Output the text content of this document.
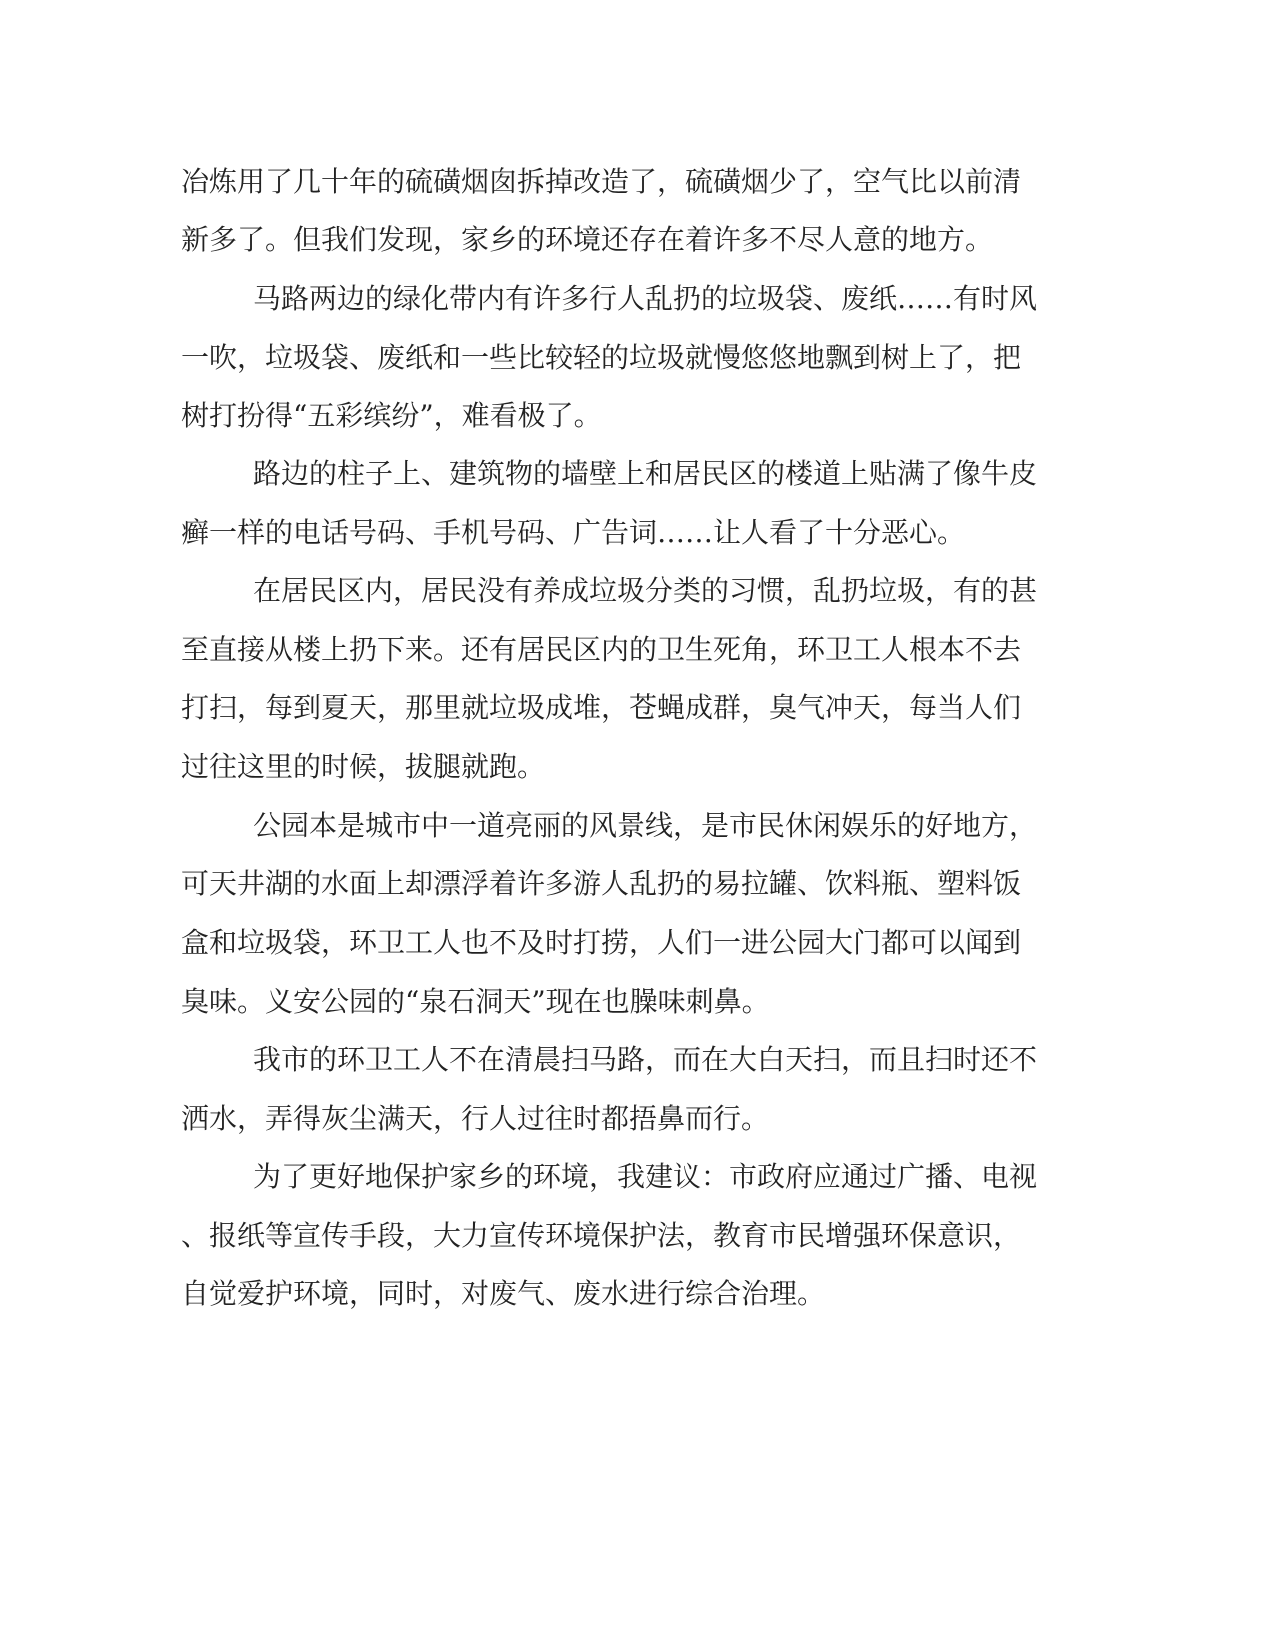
冶炼用了几十年的硫磺烟囱拆掉改造了，硫磺烟少了，空气比以前清
新多了。但我们发现，家乡的环境还存在着许多不尽人意的地方。
马路两边的绿化带内有许多行人乱扔的垃圾袋、废纸……有时风
一吹，垃圾袋、废纸和一些比较轻的垃圾就慢悠悠地飘到树上了，把
树打扮得“五彩缤纷”，难看极了。
路边的柱子上、建筑物的墙壁上和居民区的楼道上贴满了像牛皮
癣一样的电话号码、手机号码、广告词……让人看了十分恶心。
在居民区内，居民没有养成垃圾分类的习惯，乱扔垃圾，有的甚
至直接从楼上扔下来。还有居民区内的卫生死角，环卫工人根本不去
打扫，每到夏天，那里就垃圾成堆，苍蝇成群，臭气冲天，每当人们
过往这里的时候，拔腿就跑。
公园本是城市中一道亮丽的风景线，是市民休闲娱乐的好地方，
可天井湖的水面上却漂浮着许多游人乱扔的易拉罐、饮料瓶、塑料饭
盒和垃圾袋，环卫工人也不及时打捞，人们一进公园大门都可以闻到
臭味。义安公园的“泉石洞天”现在也臊味刺鼻。
我市的环卫工人不在清晨扫马路，而在大白天扫，而且扫时还不
洒水，弄得灰尘满天，行人过往时都捂鼻而行。
为了更好地保护家乡的环境，我建议：市政府应通过广播、电视
、报纸等宣传手段，大力宣传环境保护法，教育市民增强环保意识，
自觉爱护环境，同时，对废气、废水进行综合治理。
